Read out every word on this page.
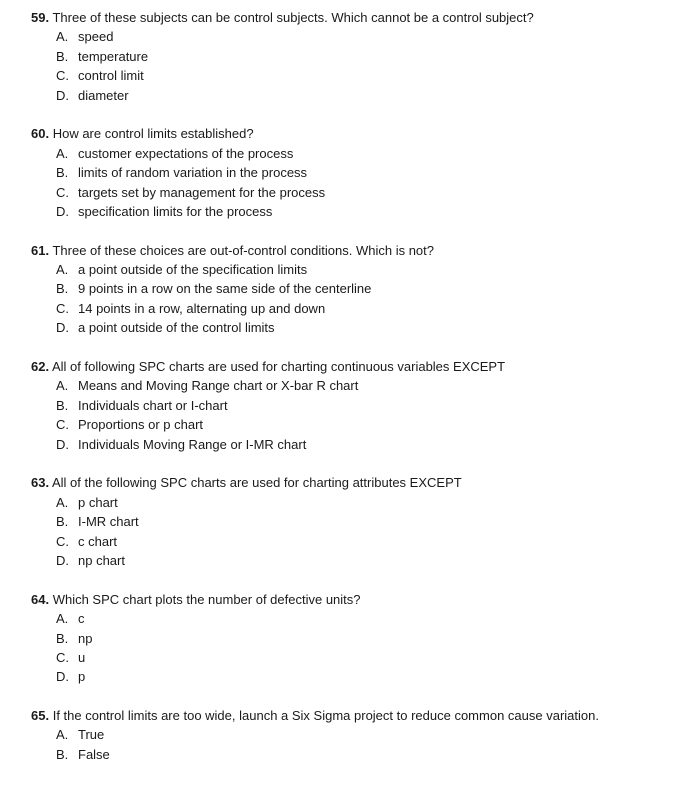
59. Three of these subjects can be control subjects. Which cannot be a control subject?
A. speed
B. temperature
C. control limit
D. diameter
60. How are control limits established?
A. customer expectations of the process
B. limits of random variation in the process
C. targets set by management for the process
D. specification limits for the process
61. Three of these choices are out-of-control conditions. Which is not?
A. a point outside of the specification limits
B. 9 points in a row on the same side of the centerline
C. 14 points in a row, alternating up and down
D. a point outside of the control limits
62. All of following SPC charts are used for charting continuous variables EXCEPT
A. Means and Moving Range chart or X-bar R chart
B. Individuals chart or I-chart
C. Proportions or p chart
D. Individuals Moving Range or I-MR chart
63. All of the following SPC charts are used for charting attributes EXCEPT
A. p chart
B. I-MR chart
C. c chart
D. np chart
64. Which SPC chart plots the number of defective units?
A. c
B. np
C. u
D. p
65. If the control limits are too wide, launch a Six Sigma project to reduce common cause variation.
A. True
B. False
